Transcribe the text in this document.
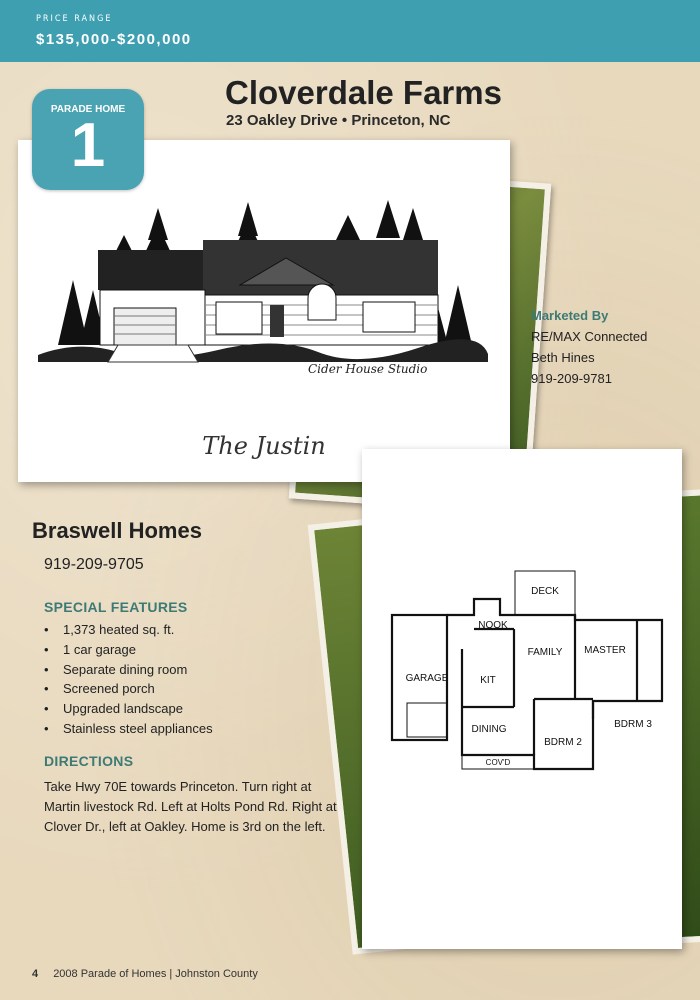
PRICE RANGE
$135,000-$200,000
PARADE HOME
1
Cloverdale Farms
23 Oakley Drive • Princeton, NC
Cider House Studio
The Justin
Marketed By
RE/MAX Connected
Beth Hines
919-209-9781
DECK
NOOK
FAMILY MASTER
GARAGE	KIT
DINING
BDRM 2
BDRM 3
COV'D
Braswell Homes
919-209-9705
SPECIAL FEATURES
• 1,373 heated sq. ft.
• 1 car garage
• Separate dining room
• Screened porch
• Upgraded landscape
• Stainless steel appliances
DIRECTIONS
Take Hwy 70E towards Princeton. Turn right at Martin livestock Rd. Left at Holts Pond Rd. Right at Clover Dr., left at Oakley. Home is 3rd on the left.
4 2008 Parade of Homes | Johnston County
